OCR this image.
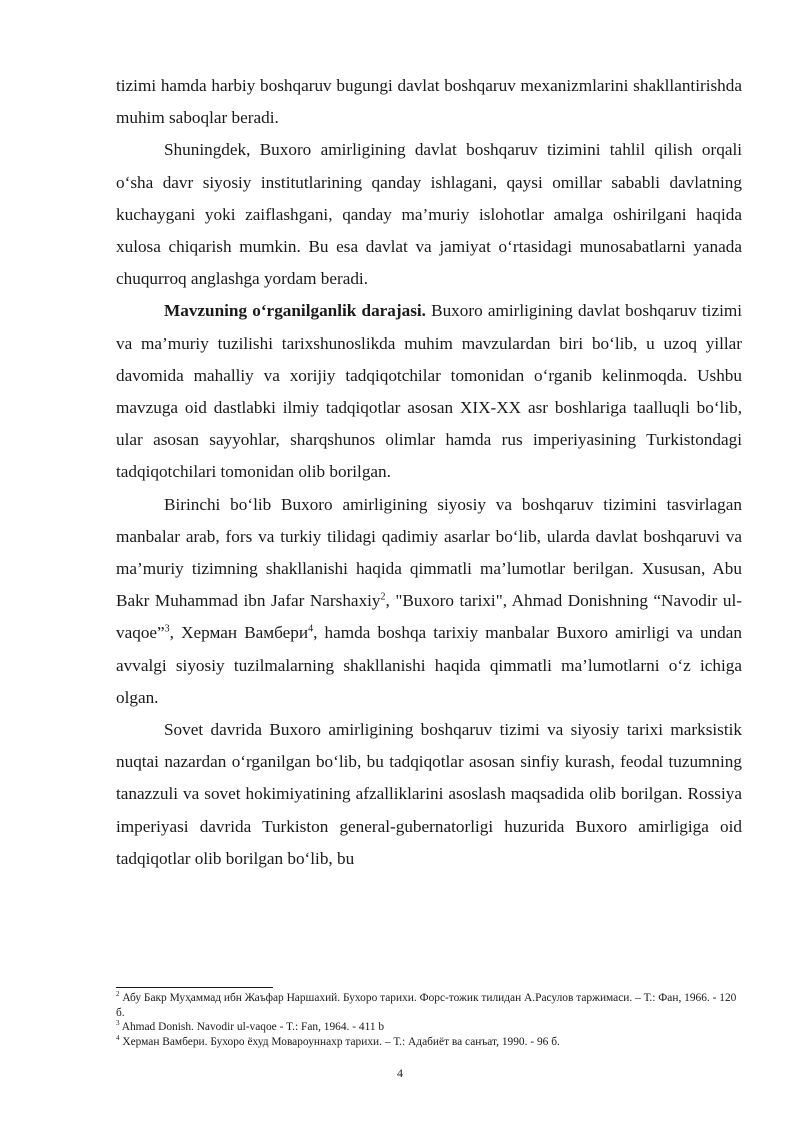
tizimi hamda harbiy boshqaruv bugungi davlat boshqaruv mexanizmlarini shakllantirishda muhim saboqlar beradi.

Shuningdek, Buxoro amirligining davlat boshqaruv tizimini tahlil qilish orqali o‘sha davr siyosiy institutlarining qanday ishlagani, qaysi omillar sababli davlatning kuchaygani yoki zaiflashgani, qanday ma’muriy islohotlar amalga oshirilgani haqida xulosa chiqarish mumkin. Bu esa davlat va jamiyat o‘rtasidagi munosabatlarni yanada chuqurroq anglashga yordam beradi.

Mavzuning o‘rganilganlik darajasi. Buxoro amirligining davlat boshqaruv tizimi va ma’muriy tuzilishi tarixshunoslikda muhim mavzulardan biri bo‘lib, u uzoq yillar davomida mahalliy va xorijiy tadqiqotchilar tomonidan o‘rganib kelinmoqda. Ushbu mavzuga oid dastlabki ilmiy tadqiqotlar asosan XIX-XX asr boshlariga taalluqli bo‘lib, ular asosan sayyohlar, sharqshunos olimlar hamda rus imperiyasining Turkistondagi tadqiqotchilari tomonidan olib borilgan.

Birinchi bo‘lib Buxoro amirligining siyosiy va boshqaruv tizimini tasvirlagan manbalar arab, fors va turkiy tilidagi qadimiy asarlar bo‘lib, ularda davlat boshqaruvi va ma’muriy tizimning shakllanishi haqida qimmatli ma’lumotlar berilgan. Xususan, Abu Bakr Muhammad ibn Jafar Narshaxiy$^2$, "Buxoro tarixi", Ahmad Donishning “Navodir ul-vaqoe”$^3$, Херман Вамбери$^4$, hamda boshqa tarixiy manbalar Buxoro amirligi va undan avvalgi siyosiy tuzilmalarning shakllanishi haqida qimmatli ma’lumotlarni o‘z ichiga olgan.

Sovet davrida Buxoro amirligining boshqaruv tizimi va siyosiy tarixi marksistik nuqtai nazardan o‘rganilgan bo‘lib, bu tadqiqotlar asosan sinfiy kurash, feodal tuzumning tanazzuli va sovet hokimiyatining afzalliklarini asoslash maqsadida olib borilgan. Rossiya imperiyasi davrida Turkiston general-gubernatorligi huzurida Buxoro amirligiga oid tadqiqotlar olib borilgan bo‘lib, bu

$^2$ Абу Бакр Муҳаммад ибн Жаъфар Наршахий. Бухоро тарихи. Форс-тожик тилидан А.Расулов таржимаси. – Т.: Фан, 1966. - 120 б.

$^3$ Ahmad Donish. Navodir ul-vaqoe - T.: Fan, 1964. - 411 b

$^4$ Херман Вамбери. Бухоро ёхуд Мовароуннахр тарихи. – Т.: Адабиёт ва санъат, 1990. - 96 б.

4
